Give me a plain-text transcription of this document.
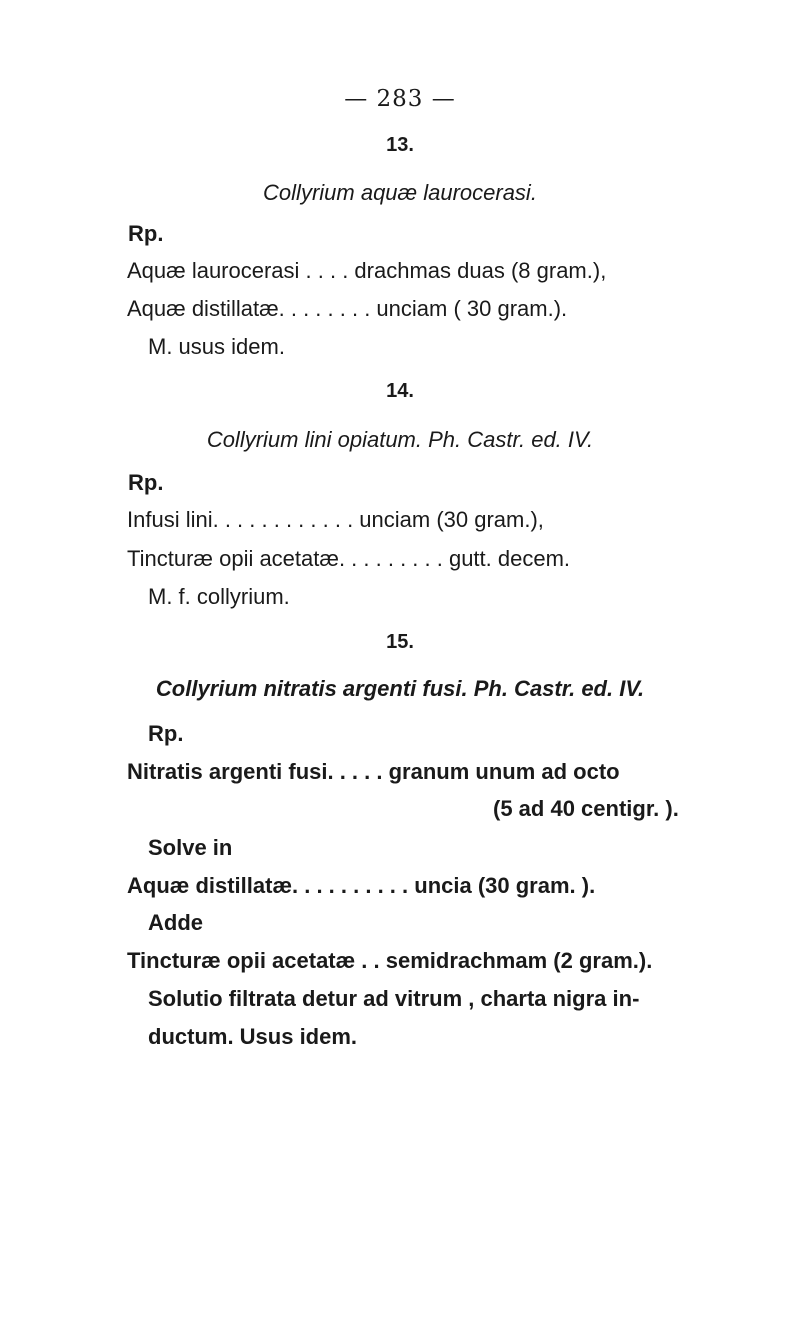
— 283 —
13.
Collyrium aquæ laurocerasi.
Rp.
Aquæ laurocerasi . . . . drachmas duas (8 gram.),
Aquæ distillatæ. . . . . . . . unciam ( 30 gram.).
M. usus idem.
14.
Collyrium lini opiatum. Ph. Castr. ed. IV.
Rp.
Infusi lini. . . . . . . . . . . . unciam (30 gram.),
Tincturæ opii acetatæ. . . . . . . . . gutt. decem.
M. f. collyrium.
15.
Collyrium nitratis argenti fusi. Ph. Castr. ed. IV.
Rp.
Nitratis argenti fusi. . . . . granum unum ad octo
(5 ad 40 centigr. ).
Solve in
Aquæ distillatæ. . . . . . . . . . uncia (30 gram. ).
Adde
Tincturæ opii acetatæ . . semidrachmam (2 gram.).
Solutio filtrata detur ad vitrum , charta nigra in-
ductum. Usus idem.
